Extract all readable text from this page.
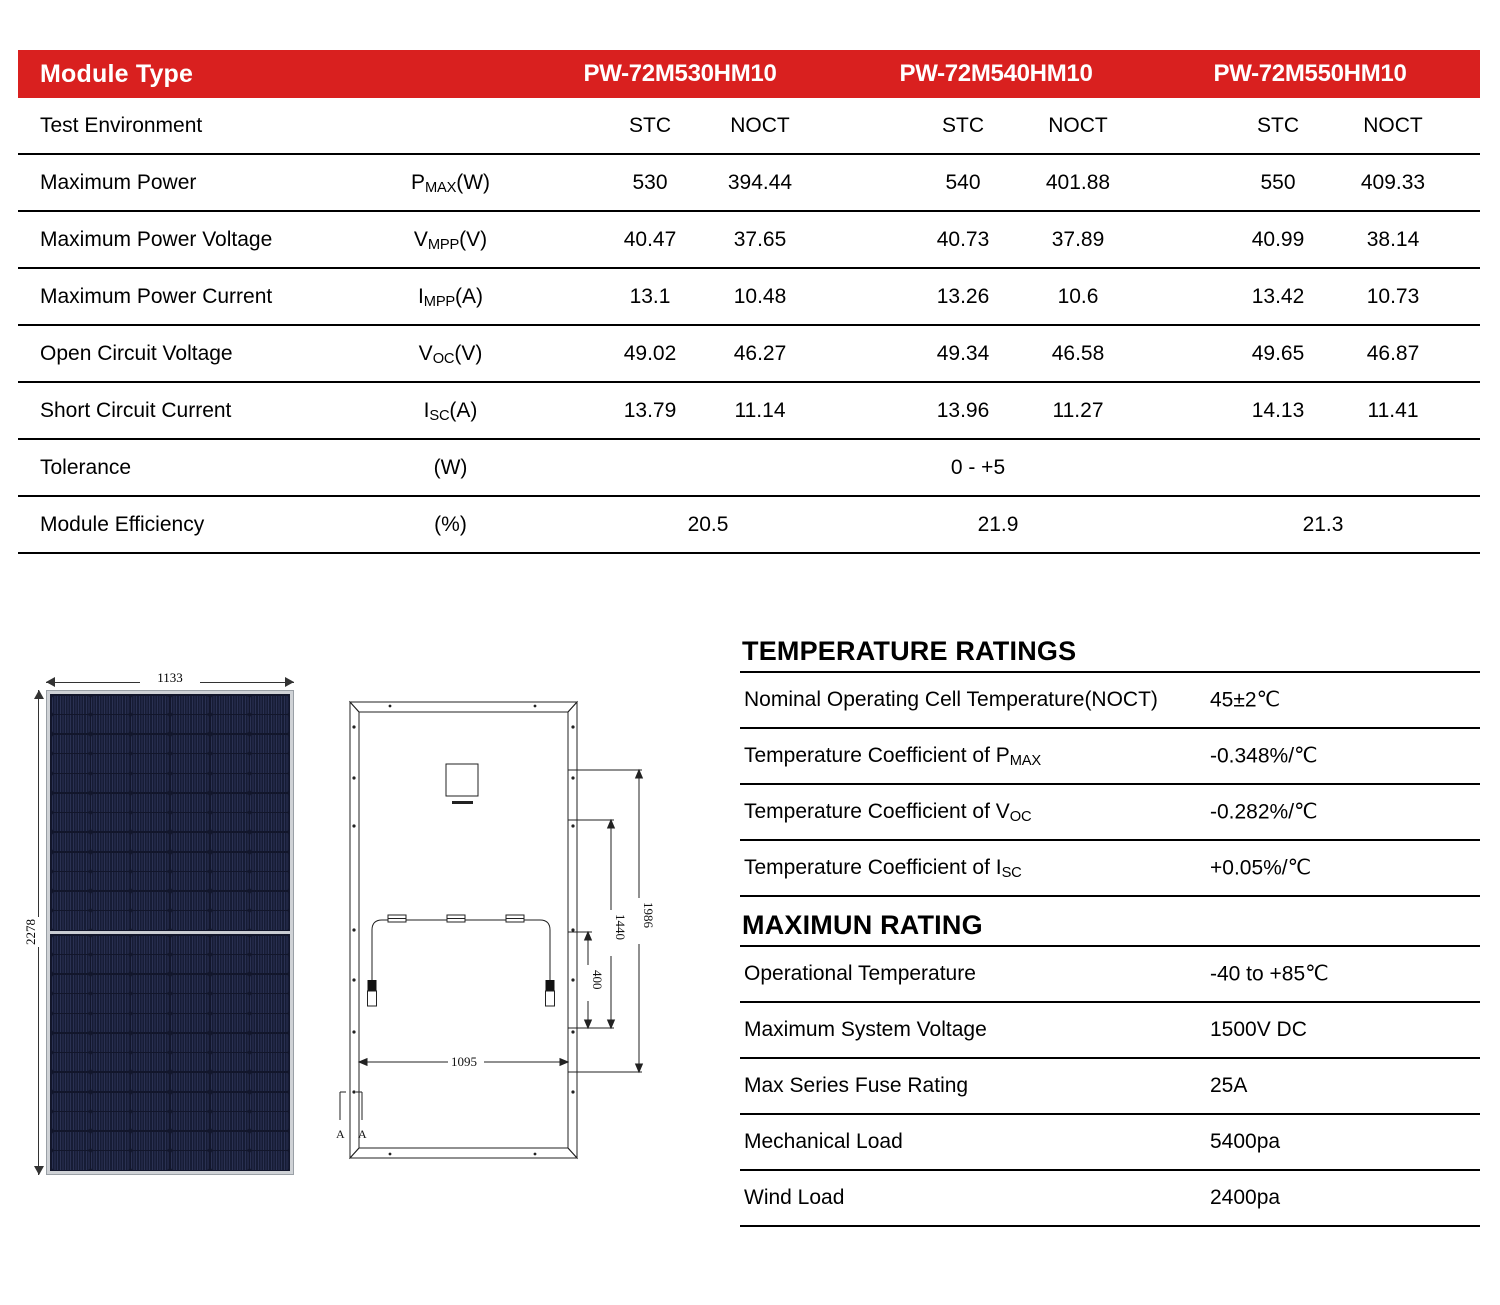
Module Type	PW-72M530HM10	PW-72M540HM10	PW-72M550HM10
Test Environment	STC	NOCT	STC	NOCT	STC	NOCT
Maximum Power	$P_{MAX}(W)$	530	394.44	540	401.88	550	409.33
Maximum Power Voltage	$V_{MPP}(V)$	40.47	37.65	40.73	37.89	40.99	38.14
Maximum Power Current	$I_{MPP}(A)$	13.1	10.48	13.26	10.6	13.42	10.73
Open Circuit Voltage	$V_{OC}(V)$	49.02	46.27	49.34	46.58	49.65	46.87
Short Circuit Current	$I_{SC}(A)$	13.79	11.14	13.96	11.27	14.13	11.41
Tolerance	(W)	0 - +5
Module Efficiency	(%)	20.5	21.9	21.3
TEMPERATURE RATINGS
Nominal Operating Cell Temperature(NOCT) 45±2℃
Temperature Coefficient of $P_{MAX}$	-0.348%/℃
Temperature Coefficient of $V_{OC}$	-0.282%/℃
Temperature Coefficient of $I_{SC}$	+0.05%/℃
MAXIMUN RATING
Operational Temperature	-40 to +85℃
Maximum System Voltage	1500V DC
Max Series Fuse Rating	25A
Mechanical Load	5400pa
Wind Load	2400pa
1133
2278
A A
1095
400
1440 1986
